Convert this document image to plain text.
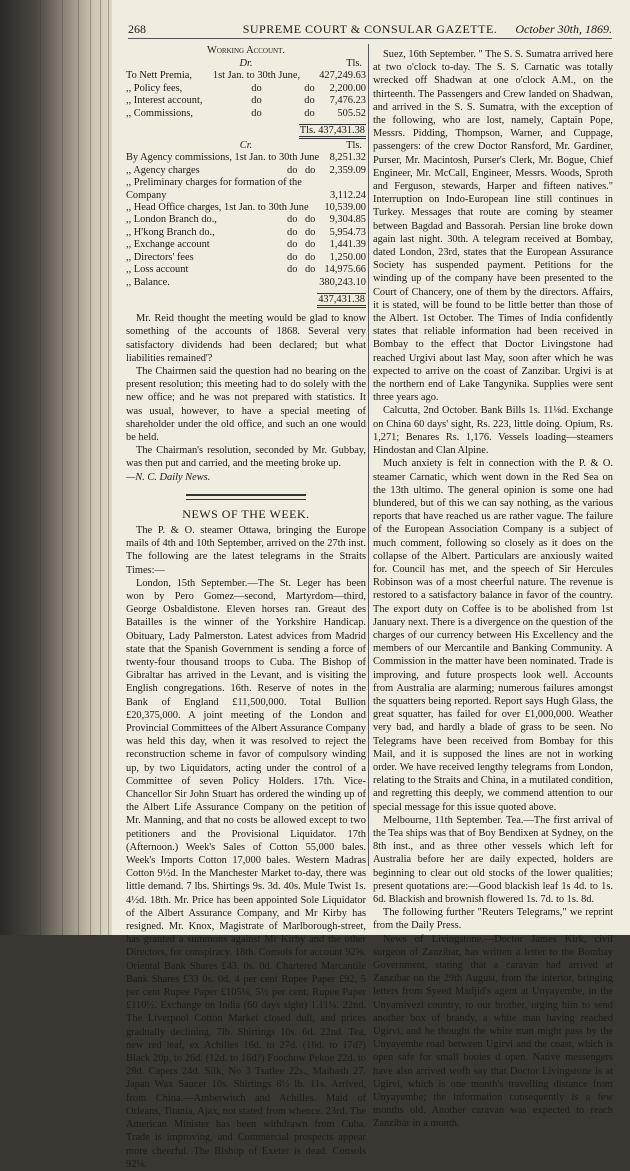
268	SUPREME COURT & CONSULAR GAZETTE.	October 30th, 1869.
Working Account.
Dr.	Tls.
To Nett Premia,	1st Jan. to 30th June,		427,249.63
,, Policy fees,	do	do	2,200.00
,, Interest account,	do	do	7,476.23
,, Commissions,	do	do	505.52
Tls. 437,431.38
Cr.	Tls.
By Agency commissions, 1st Jan. to 30th June			8,251.32
,, Agency charges	do	do	2,359.09
,, Preliminary charges for formation of the			
Company			3,112.24
,, Head Office charges, 1st Jan. to 30th June			10,539.00
,, London Branch do.,	do	do	9,304.85
,, H'kong Branch do.,	do	do	5,954.73
,, Exchange account	do	do	1,441.39
,, Directors' fees	do	do	1,250.00
,, Loss account	do	do	14,975.66
,, Balance.			380,243.10
437,431.38

Mr. Reid thought the meeting would be glad to know something of the accounts of 1868. Several very satisfactory dividends had been declared; but what liabilities remained'?

The Chairmen said the question had no bearing on the present resolution; this meeting had to do solely with the new office; and he was not prepared with statistics. It was usual, however, to have a special meeting of shareholder under the old office, and such an one would be held.

The Chairman's resolution, seconded by Mr. Gubbay, was then put and carried, and the meeting broke up.

—N. C. Daily News.

NEWS OF THE WEEK.

The P. & O. steamer Ottawa, bringing the Europe mails of 4th and 10th September, arrived on the 27th inst. The following are the latest telegrams in the Straits Times:—

London, 15th September.—The St. Leger has been won by Pero Gomez—second, Martyrdom—third, George Osbaldistone. Eleven horses ran. Greaut des Batailles is the winner of the Yorkshire Handicap. Obituary, Lady Palmerston. Latest advices from Madrid state that the Spanish Government is sending a force of twenty-four thousand troops to Cuba. The Bishop of Gibraltar has arrived in the Levant, and is visiting the English congregations. 16th. Reserve of notes in the Bank of England £11,500,000. Total Bullion £20,375,000. A joint meeting of the London and Provincial Committees of the Albert Assurance Company was held this day, when it was resolved to reject the reconstruction scheme in favor of compulsory winding up, by two Liquidators, acting under the control of a Committee of seven Policy Holders. 17th. Vice-Chancellor Sir John Stuart has ordered the winding up of the Albert Life Assurance Company on the petition of Mr. Manning, and that no costs be allowed except to two petitioners and the Provisional Liquidator. 17th (Afternoon.) Week's Sales of Cotton 55,000 bales. Week's Imports Cotton 17,000 bales. Western Madras Cotton 9½d. In the Manchester Market to-day, there was little demand. 7 lbs. Shirtings 9s. 3d. 40s. Mule Twist 1s. 4½d. 18th. Mr. Price has been appointed Sole Liquidator of the Albert Assurance Company, and Mr Kirby has resigned. Mr. Knox, Magistrate of Marlborough-street, has granted a summons against Mr Kirby and the other Directors, for conspiracy. 18th. Consols for account 92⅝. Oriental Bank Shares £43. 0s. 0d. Chartered Marcantile Bank Shares £33 0s. 0d. 4 per cent Rupee Paper £92, 5 per cent Rupee Paper £105¼, 5½ per cent. Rupee Paper £110½. Exchange on India (60 days sight) 1.11¼. 22nd. The Liverpool Cotton Market closed dull, and prices gradually declining. 7lb. Shirtings 10s. 6d. 22nd. Tea, new red leaf, ex Achilles 16d. to 27d. (16d. to 17d?) Black 20p, to 26d. (12d. to 16d?) Foochow Pekoe 22d. to 28d. Capers 24d. Silk, No 3 Tsatlee 22s., Maibash 27. Japan Wax Saucer 10s. Shirtings 8½ lb. 11s. Arrived, from China.—Amberwitch and Achilles. Maid of Orleans, Titania, Ajax, not stated from whence. 23rd. The American Minister has been withdrawn from Cuba. Trade is improving, and Commercial prospects appear more cheerful. The Bishop of Exeter is dead. Consols 92¼.

Suez, 16th September. " The S. S. Sumatra arrived here at two o'clock to-day. The S. S. Carnatic was totally wrecked off Shadwan at one o'clock A.M., on the thirteenth. The Passengers and Crew landed on Shadwan, and arrived in the S. S. Sumatra, with the exception of the following, who are lost, namely, Captain Pope, Messrs. Pidding, Thompson, Warner, and Cuppage, passengers: of the crew Doctor Ransford, Mr. Gardiner, Purser, Mr. Macintosh, Purser's Clerk, Mr. Bogue, Chief Engineer, Mr. McCall, Engineer, Messrs. Woods, Sproth and Ferguson, stewards, Harper and fifteen natives." Interruption on Indo-European line still continues in Turkey. Messages that route are coming by steamer between Bagdad and Bassorah. Persian line broke down again last night. 30th. A telegram received at Bombay, dated London, 23rd, states that the European Assurance Society has suspended payment. Petitions for the winding up of the company have been presented to the Court of Chancery, one of them by the directors. Affairs, it is stated, will be found to be little better than those of the Albert. 1st October. The Times of India confidently states that reliable information had been received in Bombay to the effect that Doctor Livingstone had reached Urgivi about last May, soon after which he was expected to arrive on the coast of Zanzibar. Urgivi is at the northern end of Lake Tangynika. Supplies were sent three years ago.

Calcutta, 2nd October. Bank Bills 1s. 11⅛d. Exchange on China 60 days' sight, Rs. 223, little doing. Opium, Rs. 1,271; Benares Rs. 1,176. Vessels loading—steamers Hindostan and Clan Alpine.

Much anxiety is felt in connection with the P. & O. steamer Carnatic, which went down in the Red Sea on the 13th ultimo. The general opinion is some one had blundered, but of this we can say nothing, as the various reports that have reached us are rather vague. The failure of the European Association Company is a subject of much comment, following so closely as it does on the collapse of the Albert. Particulars are anxiously waited for. Council has met, and the speech of Sir Hercules Robinson was of a most cheerful nature. The revenue is restored to a satisfactory balance in favor of the country. The export duty on Coffee is to be abolished from 1st January next. There is a divergence on the question of the charges of our currency between His Excellency and the members of our Mercantile and Banking Community. A Commission in the matter have been nominated. Trade is improving, and future prospects look well. Accounts from Australia are alarming; numerous failures amongst the squatters being reported. Report says Hugh Glass, the great squatter, has failed for over £1,000,000. Weather very bad, and hardly a blade of grass to be seen. No Telegrams have been received from Bombay for this Mail, and it is supposed the lines are not in working order. We have received lengthy telegrams from London, relating to the Straits and China, in a mutilated condition, and regretting this deeply, we commend attention to our special message for this issue quoted above.

Melbourne, 11th September. Tea.—The first arrival of the Tea ships was that of Boy Bendixen at Sydney, on the 8th inst., and as three other vessels which left for Australia before her are daily expected, holders are beginning to clear out old stocks of the lower qualities; present quotations are:—Good blackish leaf 1s 4d. to 1s. 6d. Blackish and brownish flowered 1s. 7d. to 1s. 8d.

The following further "Reuters Telegrams," we reprint from the Daily Press.

News of Livingstone.—Doctor James Kirk, civil surgeon of Zanzibar, has written a letter to the Bombay Government, stating that a caravan had arrived at Zanzibar on the 29th August, from the interior, bringing letters from Syeed Madjid's agent at Unyayembe, in the Unyamivezi country, to our brother, urging him to send another box of brandy, a white man having reached Ugirvi, and he thought the white man might pass by the Unyayembe road between Ugirvi and the coast, which is open safe for small booies d open. Native messengers have also arrived wofh say that Doctor Livingstone is at Ugirvi, which is one month's travelling distance from Unyayembe; the information consequently is a few months old. Another caravan was expected to reach Zanzibar in a month.
